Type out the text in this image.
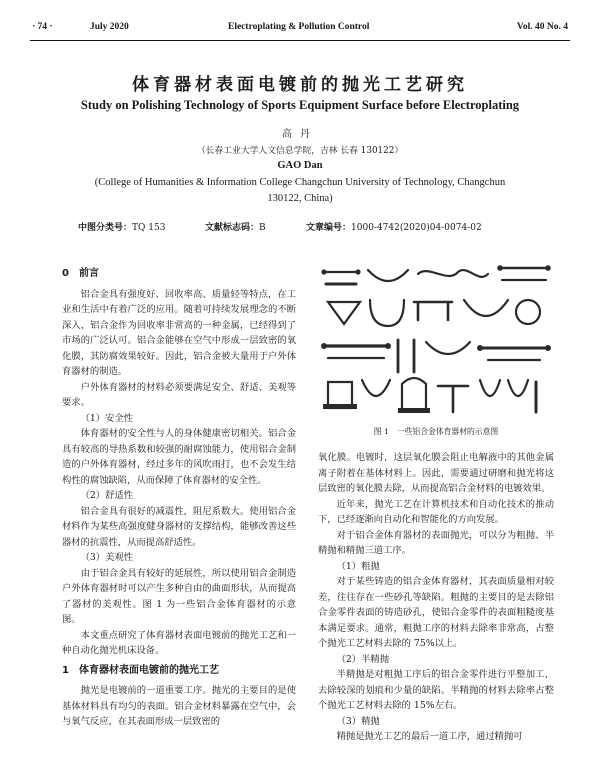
· 74 ·	July 2020	Electroplating & Pollution Control	Vol. 40 No. 4
体育器材表面电镀前的抛光工艺研究
Study on Polishing Technology of Sports Equipment Surface before Electroplating
高丹
（长春工业大学人文信息学院，吉林 长春 130122）
GAO Dan
(College of Humanities & Information College Changchun University of Technology, Changchun 130122, China)
中图分类号：TQ 153	文献标志码：B	文章编号：1000-4742(2020)04-0074-02
0　前言

铝合金具有强度好、回收率高、质量轻等特点，在工业和生活中有着广泛的应用。随着可持续发展理念的不断深入，铝合金作为回收率非常高的一种金属，已经得到了市场的广泛认可。铝合金能够在空气中形成一层致密的氧化膜，其防腐效果较好。因此，铝合金被大量用于户外体育器材的制造。

户外体育器材的材料必须要满足安全、舒适、美观等要求。

（1）安全性

体育器材的安全性与人的身体健康密切相关。铝合金具有较高的导热系数和较强的耐腐蚀能力，使用铝合金制造的户外体育器材，经过多年的风吹雨打，也不会发生结构性的腐蚀缺陷，从而保障了体育器材的安全性。

（2）舒适性

铝合金具有很好的减震性，阻尼系数大。使用铝合金材料作为某些高强度健身器材的支撑结构，能够改善这些器材的抗震性，从而提高舒适性。

（3）美观性

由于铝合金具有较好的延展性，所以使用铝合金制造户外体育器材时可以产生多种自由的曲面形状，从而提高了器材的美观性。图 1 为一些铝合金体育器材的示意图。

本文重点研究了体育器材表面电镀前的抛光工艺和一种自动化抛光机床设备。

1　体育器材表面电镀前的抛光工艺

抛光是电镀前的一道重要工序。抛光的主要目的是使基体材料具有均匀的表面。铝合金材料暴露在空气中，会与氧气反应，在其表面形成一层致密的

图 1　一些铝合金体育器材的示意图

氧化膜。电镀时，这层氧化膜会阻止电解液中的其他金属离子附着在基体材料上。因此，需要通过研磨和抛光将这层致密的氧化膜去除，从而提高铝合金材料的电镀效果。

近年来，抛光工艺在计算机技术和自动化技术的推动下，已经逐渐向自动化和智能化的方向发展。

对于铝合金体育器材的表面抛光，可以分为粗抛、半精抛和精抛三道工序。

（1）粗抛

对于某些铸造的铝合金体育器材，其表面质量相对较差，往往存在一些砂孔等缺陷。粗抛的主要目的是去除铝合金零件表面的铸造砂孔，使铝合金零件的表面粗糙度基本满足要求。通常，粗抛工序的材料去除率非常高，占整个抛光工艺材料去除的 75%以上。

（2）半精抛

半精抛是对粗抛工序后的铝合金零件进行平整加工，去除较深的划痕和少量的缺陷。半精抛的材料去除率占整个抛光工艺材料去除的 15%左右。

（3）精抛

精抛是抛光工艺的最后一道工序，通过精抛可
